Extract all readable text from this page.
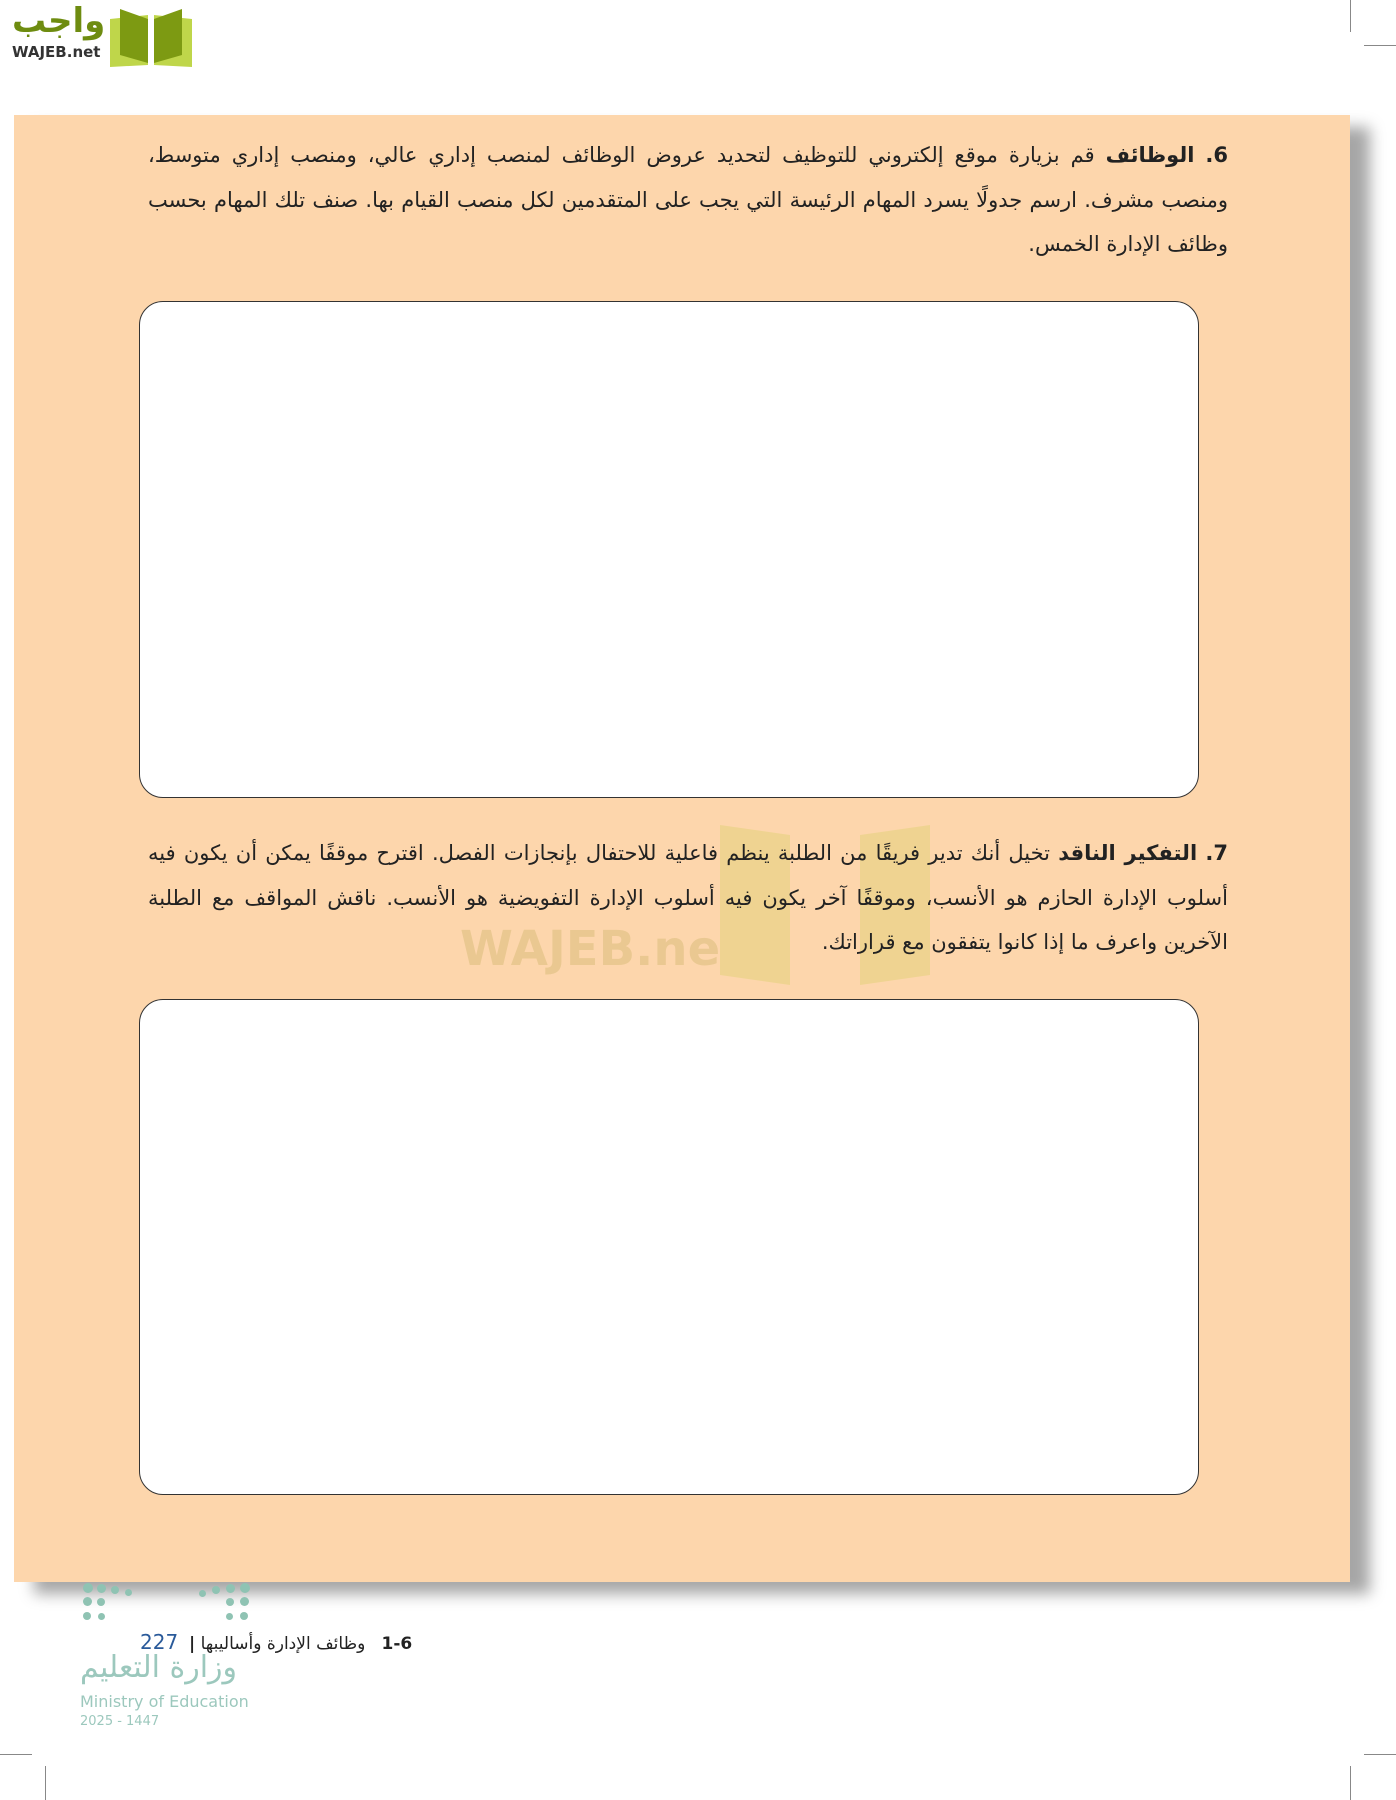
واجب
WAJEB.net
6. الوظائف قم بزيارة موقع إلكتروني للتوظيف لتحديد عروض الوظائف لمنصب إداري عالي، ومنصب إداري متوسط، ومنصب مشرف. ارسم جدولًا يسرد المهام الرئيسة التي يجب على المتقدمين لكل منصب القيام بها. صنف تلك المهام بحسب وظائف الإدارة الخمس.
WAJEB.net
7. التفكير الناقد تخيل أنك تدير فريقًا من الطلبة ينظم فاعلية للاحتفال بإنجازات الفصل. اقترح موقفًا يمكن أن يكون فيه أسلوب الإدارة الحازم هو الأنسب، وموقفًا آخر يكون فيه أسلوب الإدارة التفويضية هو الأنسب. ناقش المواقف مع الطلبة الآخرين واعرف ما إذا كانوا يتفقون مع قراراتك.
وزارة التعليم
Ministry of Education
2025 - 1447
1-6   وظائف الإدارة وأساليبها |  227
